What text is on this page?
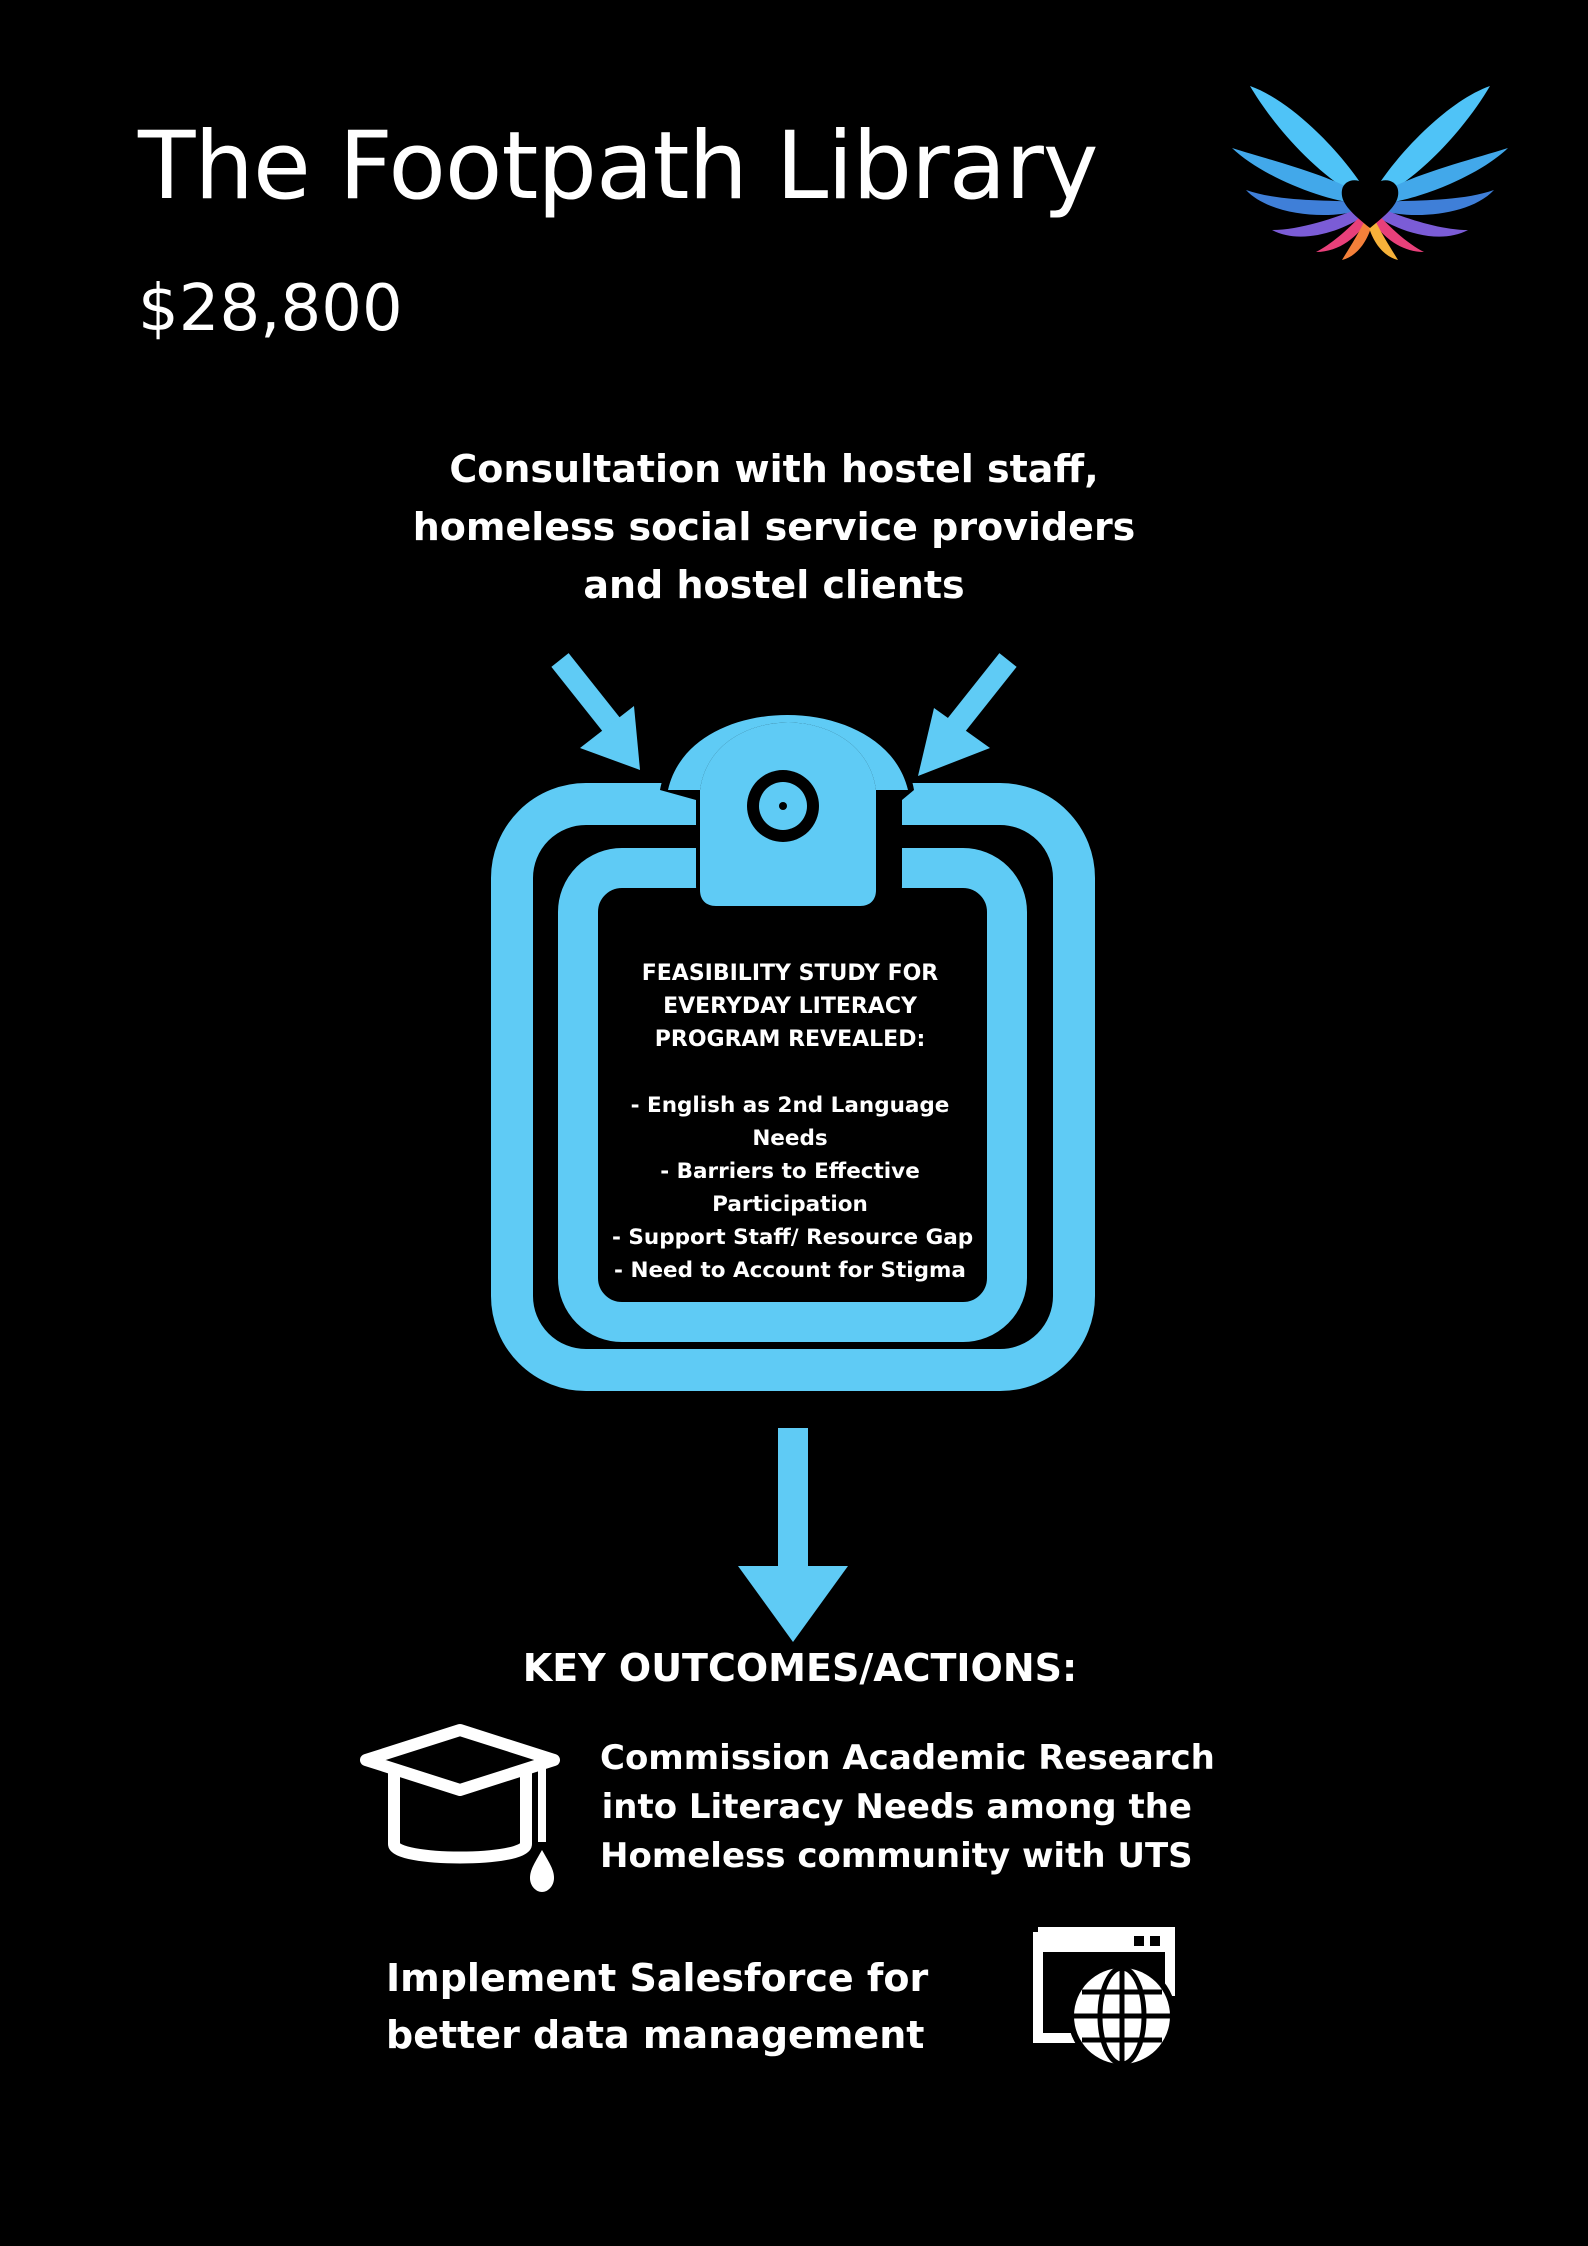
The Footpath Library
$28,800
Consultation with hostel staff,
homeless social service providers
and hostel clients
FEASIBILITY STUDY FOR
EVERYDAY LITERACY
PROGRAM REVEALED:
- English as 2nd Language
Needs
- Barriers to Effective
Participation
- Support Staff/ Resource Gap
- Need to Account for Stigma
KEY OUTCOMES/ACTIONS:
Commission Academic Research
into Literacy Needs among the
Homeless community with UTS
Implement Salesforce for
better data management
